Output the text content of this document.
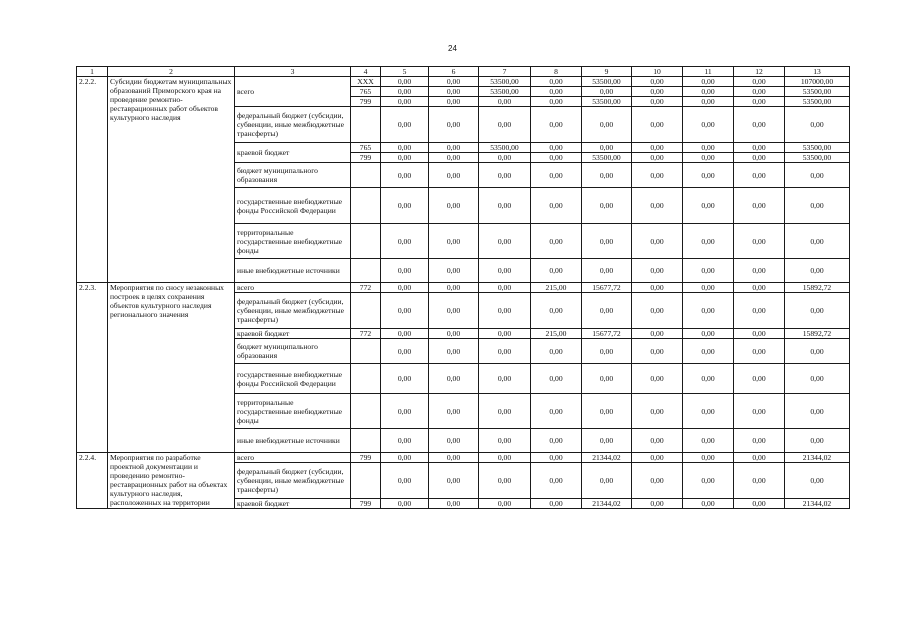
24
1	2	3	4	5	6	7	8	9	10	11	12	13
2.2.2.	Субсидии бюджетам муниципальных образований Приморского края на проведение ремонтно-реставрационных работ объектов культурного наследия	всего	ХХХ	0,00	0,00	53500,00	0,00	53500,00	0,00	0,00	0,00	107000,00
			765	0,00	0,00	53500,00	0,00	0,00	0,00	0,00	0,00	53500,00
			799	0,00	0,00	0,00	0,00	53500,00	0,00	0,00	0,00	53500,00
		федеральный бюджет (субсидии, субвенции, иные межбюджетные трансферты)		0,00	0,00	0,00	0,00	0,00	0,00	0,00	0,00	0,00
		краевой бюджет	765	0,00	0,00	53500,00	0,00	0,00	0,00	0,00	0,00	53500,00
			799	0,00	0,00	0,00	0,00	53500,00	0,00	0,00	0,00	53500,00
		бюджет муниципального образования		0,00	0,00	0,00	0,00	0,00	0,00	0,00	0,00	0,00
		государственные внебюджетные фонды Российской Федерации		0,00	0,00	0,00	0,00	0,00	0,00	0,00	0,00	0,00
		территориальные государственные внебюджетные фонды		0,00	0,00	0,00	0,00	0,00	0,00	0,00	0,00	0,00
		иные внебюджетные источники		0,00	0,00	0,00	0,00	0,00	0,00	0,00	0,00	0,00
2.2.3.	Мероприятия по сносу незаконных построек в целях сохранения объектов культурного наследия регионального значения	всего	772	0,00	0,00	0,00	215,00	15677,72	0,00	0,00	0,00	15892,72
		федеральный бюджет (субсидии, субвенции, иные межбюджетные трансферты)		0,00	0,00	0,00	0,00	0,00	0,00	0,00	0,00	0,00
		краевой бюджет	772	0,00	0,00	0,00	215,00	15677,72	0,00	0,00	0,00	15892,72
		бюджет муниципального образования		0,00	0,00	0,00	0,00	0,00	0,00	0,00	0,00	0,00
		государственные внебюджетные фонды Российской Федерации		0,00	0,00	0,00	0,00	0,00	0,00	0,00	0,00	0,00
		территориальные государственные внебюджетные фонды		0,00	0,00	0,00	0,00	0,00	0,00	0,00	0,00	0,00
		иные внебюджетные источники		0,00	0,00	0,00	0,00	0,00	0,00	0,00	0,00	0,00
2.2.4.	Мероприятия по разработке проектной документации и проведению ремонтно-реставрационных работ на объектах культурного наследия, расположенных на территории	всего	799	0,00	0,00	0,00	0,00	21344,02	0,00	0,00	0,00	21344,02
		федеральный бюджет (субсидии, субвенции, иные межбюджетные трансферты)		0,00	0,00	0,00	0,00	0,00	0,00	0,00	0,00	0,00
		краевой бюджет	799	0,00	0,00	0,00	0,00	21344,02	0,00	0,00	0,00	21344,02
